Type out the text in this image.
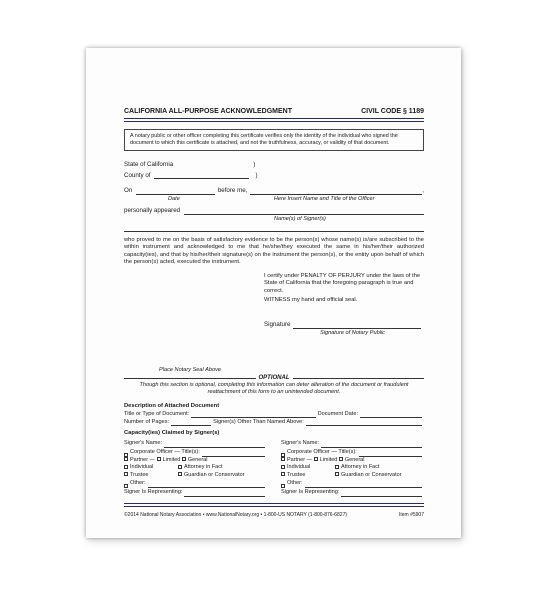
CALIFORNIA ALL-PURPOSE ACKNOWLEDGMENT	CIVIL CODE § 1189
A notary public or other officer completing this certificate verifies only the identity of the individual who signed the document to which this certificate is attached, and not the truthfulness, accuracy, or validity of that document.
State of California	)
County of	)
On	before me,	,
Date	Here Insert Name and Title of the Officer
personally appeared
Name(s) of Signer(s)
who proved to me on the basis of satisfactory evidence to be the person(s) whose name(s) is/are subscribed to the within instrument and acknowledged to me that he/she/they executed the same in his/her/their authorized capacity(ies), and that by his/her/their signature(s) on the instrument the person(s), or the entity upon behalf of which the person(s) acted, executed the instrument.
I certify under PENALTY OF PERJURY under the laws of the State of California that the foregoing paragraph is true and correct.
WITNESS my hand and official seal.
Signature
Signature of Notary Public
Place Notary Seal Above
OPTIONAL
Though this section is optional, completing this information can deter alteration of the document or fraudulent reattachment of this form to an unintended document.
Description of Attached Document
Title or Type of Document:	Document Date:
Number of Pages:	Signer(s) Other Than Named Above:
Capacity(ies) Claimed by Signer(s)
Signer's Name:
Corporate Officer — Title(s):
Partner — Limited General
Individual	Attorney in Fact
Trustee	Guardian or Conservator
Other:
Signer Is Representing:
Signer's Name:
Corporate Officer — Title(s):
Partner — Limited General
Individual	Attorney in Fact
Trustee	Guardian or Conservator
Other:
Signer Is Representing:
©2014 National Notary Association • www.NationalNotary.org • 1-800-US NOTARY (1-800-876-6827)	Item #5907
